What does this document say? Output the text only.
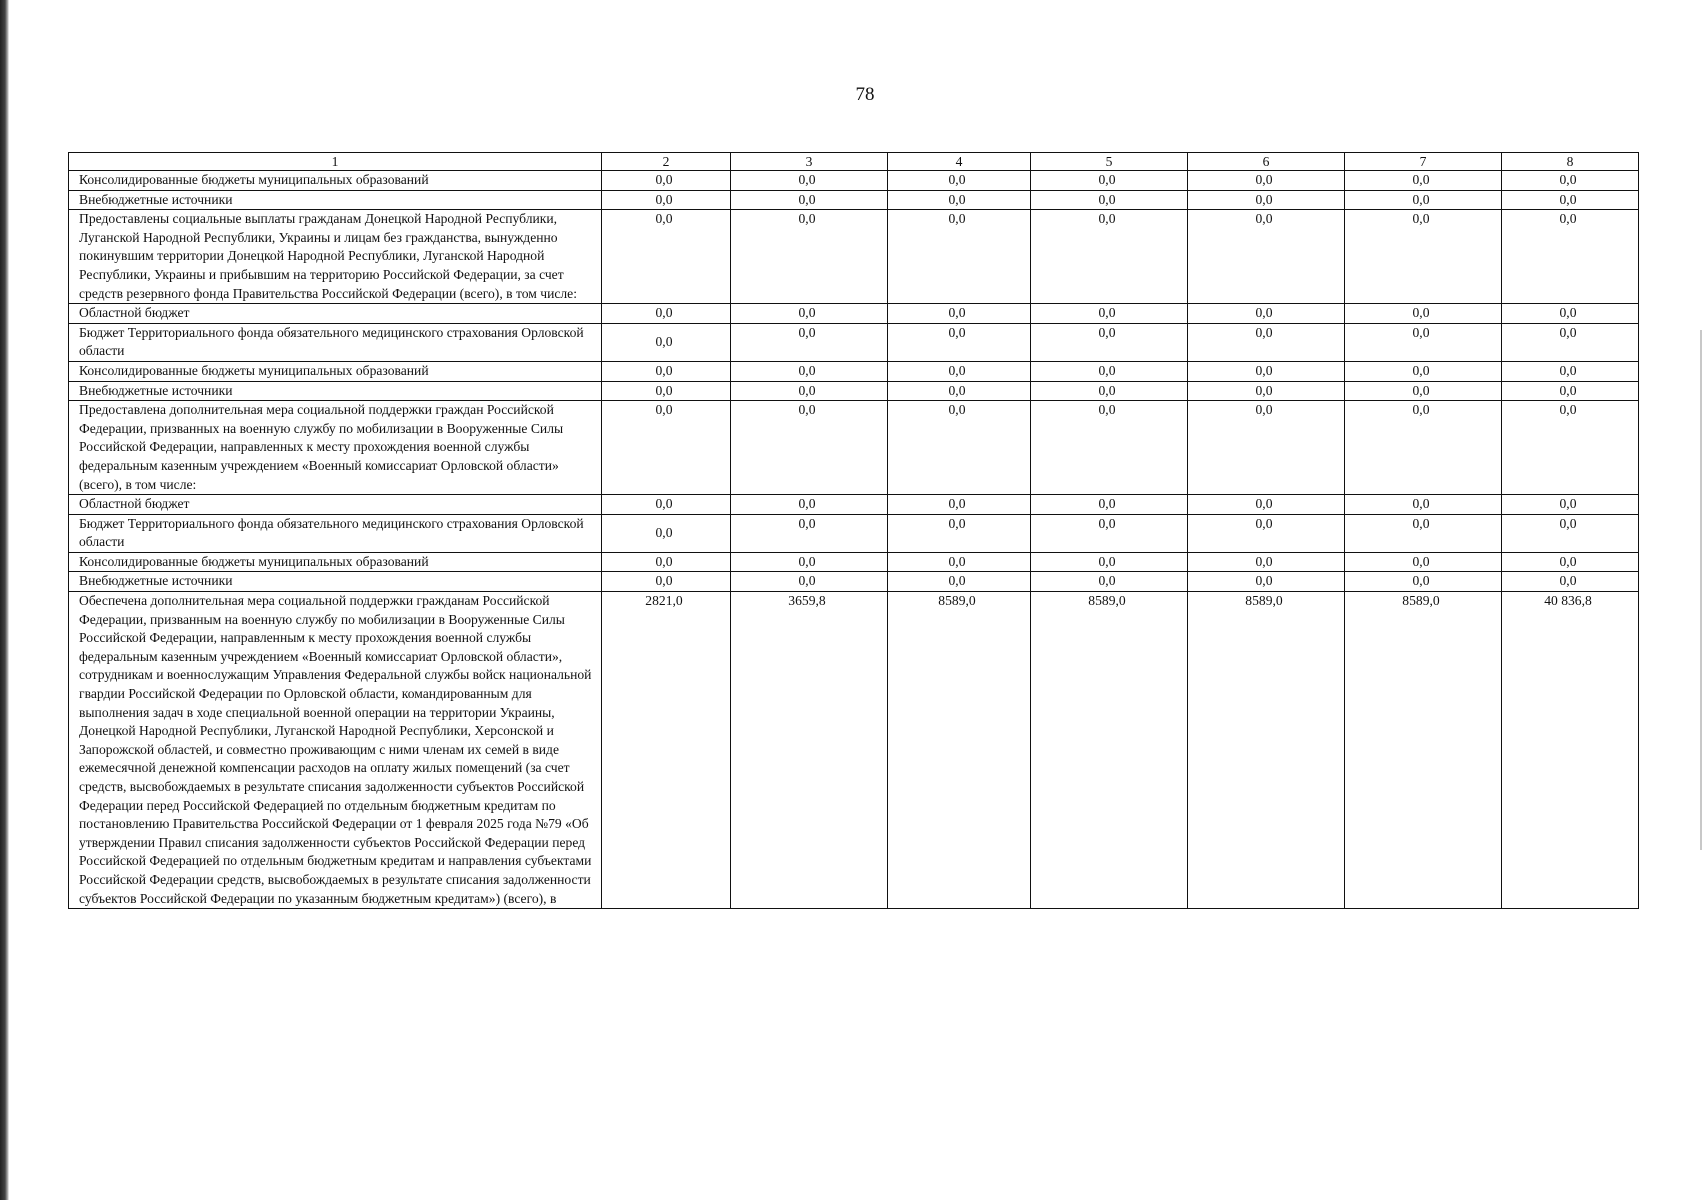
78
1	2	3	4	5	6	7	8
Консолидированные бюджеты муниципальных образований	0,0	0,0	0,0	0,0	0,0	0,0	0,0
Внебюджетные источники	0,0	0,0	0,0	0,0	0,0	0,0	0,0
Предоставлены социальные выплаты гражданам Донецкой Народной Республики, Луганской Народной Республики, Украины и лицам без гражданства, вынужденно покинувшим территории Донецкой Народной Республики, Луганской Народной Республики, Украины и прибывшим на территорию Российской Федерации, за счет средств резервного фонда Правительства Российской Федерации (всего), в том числе:	0,0	0,0	0,0	0,0	0,0	0,0	0,0
Областной бюджет	0,0	0,0	0,0	0,0	0,0	0,0	0,0
Бюджет Территориального фонда обязательного медицинского страхования Орловской области	0,0	0,0	0,0	0,0	0,0	0,0	0,0
Консолидированные бюджеты муниципальных образований	0,0	0,0	0,0	0,0	0,0	0,0	0,0
Внебюджетные источники	0,0	0,0	0,0	0,0	0,0	0,0	0,0
Предоставлена дополнительная мера социальной поддержки граждан Российской Федерации, призванных на военную службу по мобилизации в Вооруженные Силы Российской Федерации, направленных к месту прохождения военной службы федеральным казенным учреждением «Военный комиссариат Орловской области» (всего), в том числе:	0,0	0,0	0,0	0,0	0,0	0,0	0,0
Областной бюджет	0,0	0,0	0,0	0,0	0,0	0,0	0,0
Бюджет Территориального фонда обязательного медицинского страхования Орловской области	0,0	0,0	0,0	0,0	0,0	0,0	0,0
Консолидированные бюджеты муниципальных образований	0,0	0,0	0,0	0,0	0,0	0,0	0,0
Внебюджетные источники	0,0	0,0	0,0	0,0	0,0	0,0	0,0
Обеспечена дополнительная мера социальной поддержки гражданам Российской Федерации, призванным на военную службу по мобилизации в Вооруженные Силы Российской Федерации, направленным к месту прохождения военной службы федеральным казенным учреждением «Военный комиссариат Орловской области», сотрудникам и военнослужащим Управления Федеральной службы войск национальной гвардии Российской Федерации по Орловской области, командированным для выполнения задач в ходе специальной военной операции на территории Украины, Донецкой Народной Республики, Луганской Народной Республики, Херсонской и Запорожской областей, и совместно проживающим с ними членам их семей в виде ежемесячной денежной компенсации расходов на оплату жилых помещений (за счет средств, высвобождаемых в результате списания задолженности субъектов Российской Федерации перед Российской Федерацией по отдельным бюджетным кредитам по постановлению Правительства Российской Федерации от 1 февраля 2025 года №79 «Об утверждении Правил списания задолженности субъектов Российской Федерации перед Российской Федерацией по отдельным бюджетным кредитам и направления субъектами Российской Федерации средств, высвобождаемых в результате списания задолженности субъектов Российской Федерации по указанным бюджетным кредитам») (всего), в	2821,0	3659,8	8589,0	8589,0	8589,0	8589,0	40 836,8
